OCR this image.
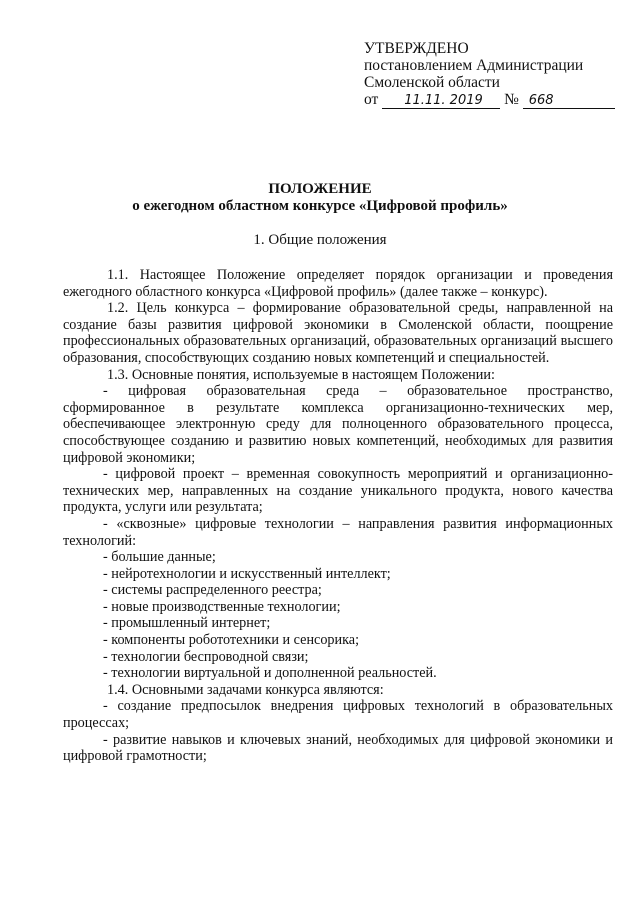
УТВЕРЖДЕНО
постановлением Администрации
Смоленской области
от 11.11. 2019 № 668
ПОЛОЖЕНИЕ
о ежегодном областном конкурсе «Цифровой профиль»
1. Общие положения

1.1. Настоящее Положение определяет порядок организации и проведения ежегодного областного конкурса «Цифровой профиль» (далее также – конкурс).

1.2. Цель конкурса – формирование образовательной среды, направленной на создание базы развития цифровой экономики в Смоленской области, поощрение профессиональных образовательных организаций, образовательных организаций высшего образования, способствующих созданию новых компетенций и специальностей.

1.3. Основные понятия, используемые в настоящем Положении:

- цифровая образовательная среда – образовательное пространство, сформированное в результате комплекса организационно-технических мер, обеспечивающее электронную среду для полноценного образовательного процесса, способствующее созданию и развитию новых компетенций, необходимых для развития цифровой экономики;

- цифровой проект – временная совокупность мероприятий и организационно-технических мер, направленных на создание уникального продукта, нового качества продукта, услуги или результата;

- «сквозные» цифровые технологии – направления развития информационных технологий:

- большие данные;

- нейротехнологии и искусственный интеллект;

- системы распределенного реестра;

- новые производственные технологии;

- промышленный интернет;

- компоненты робототехники и сенсорика;

- технологии беспроводной связи;

- технологии виртуальной и дополненной реальностей.

1.4. Основными задачами конкурса являются:

- создание предпосылок внедрения цифровых технологий в образовательных процессах;

- развитие навыков и ключевых знаний, необходимых для цифровой экономики и цифровой грамотности;
